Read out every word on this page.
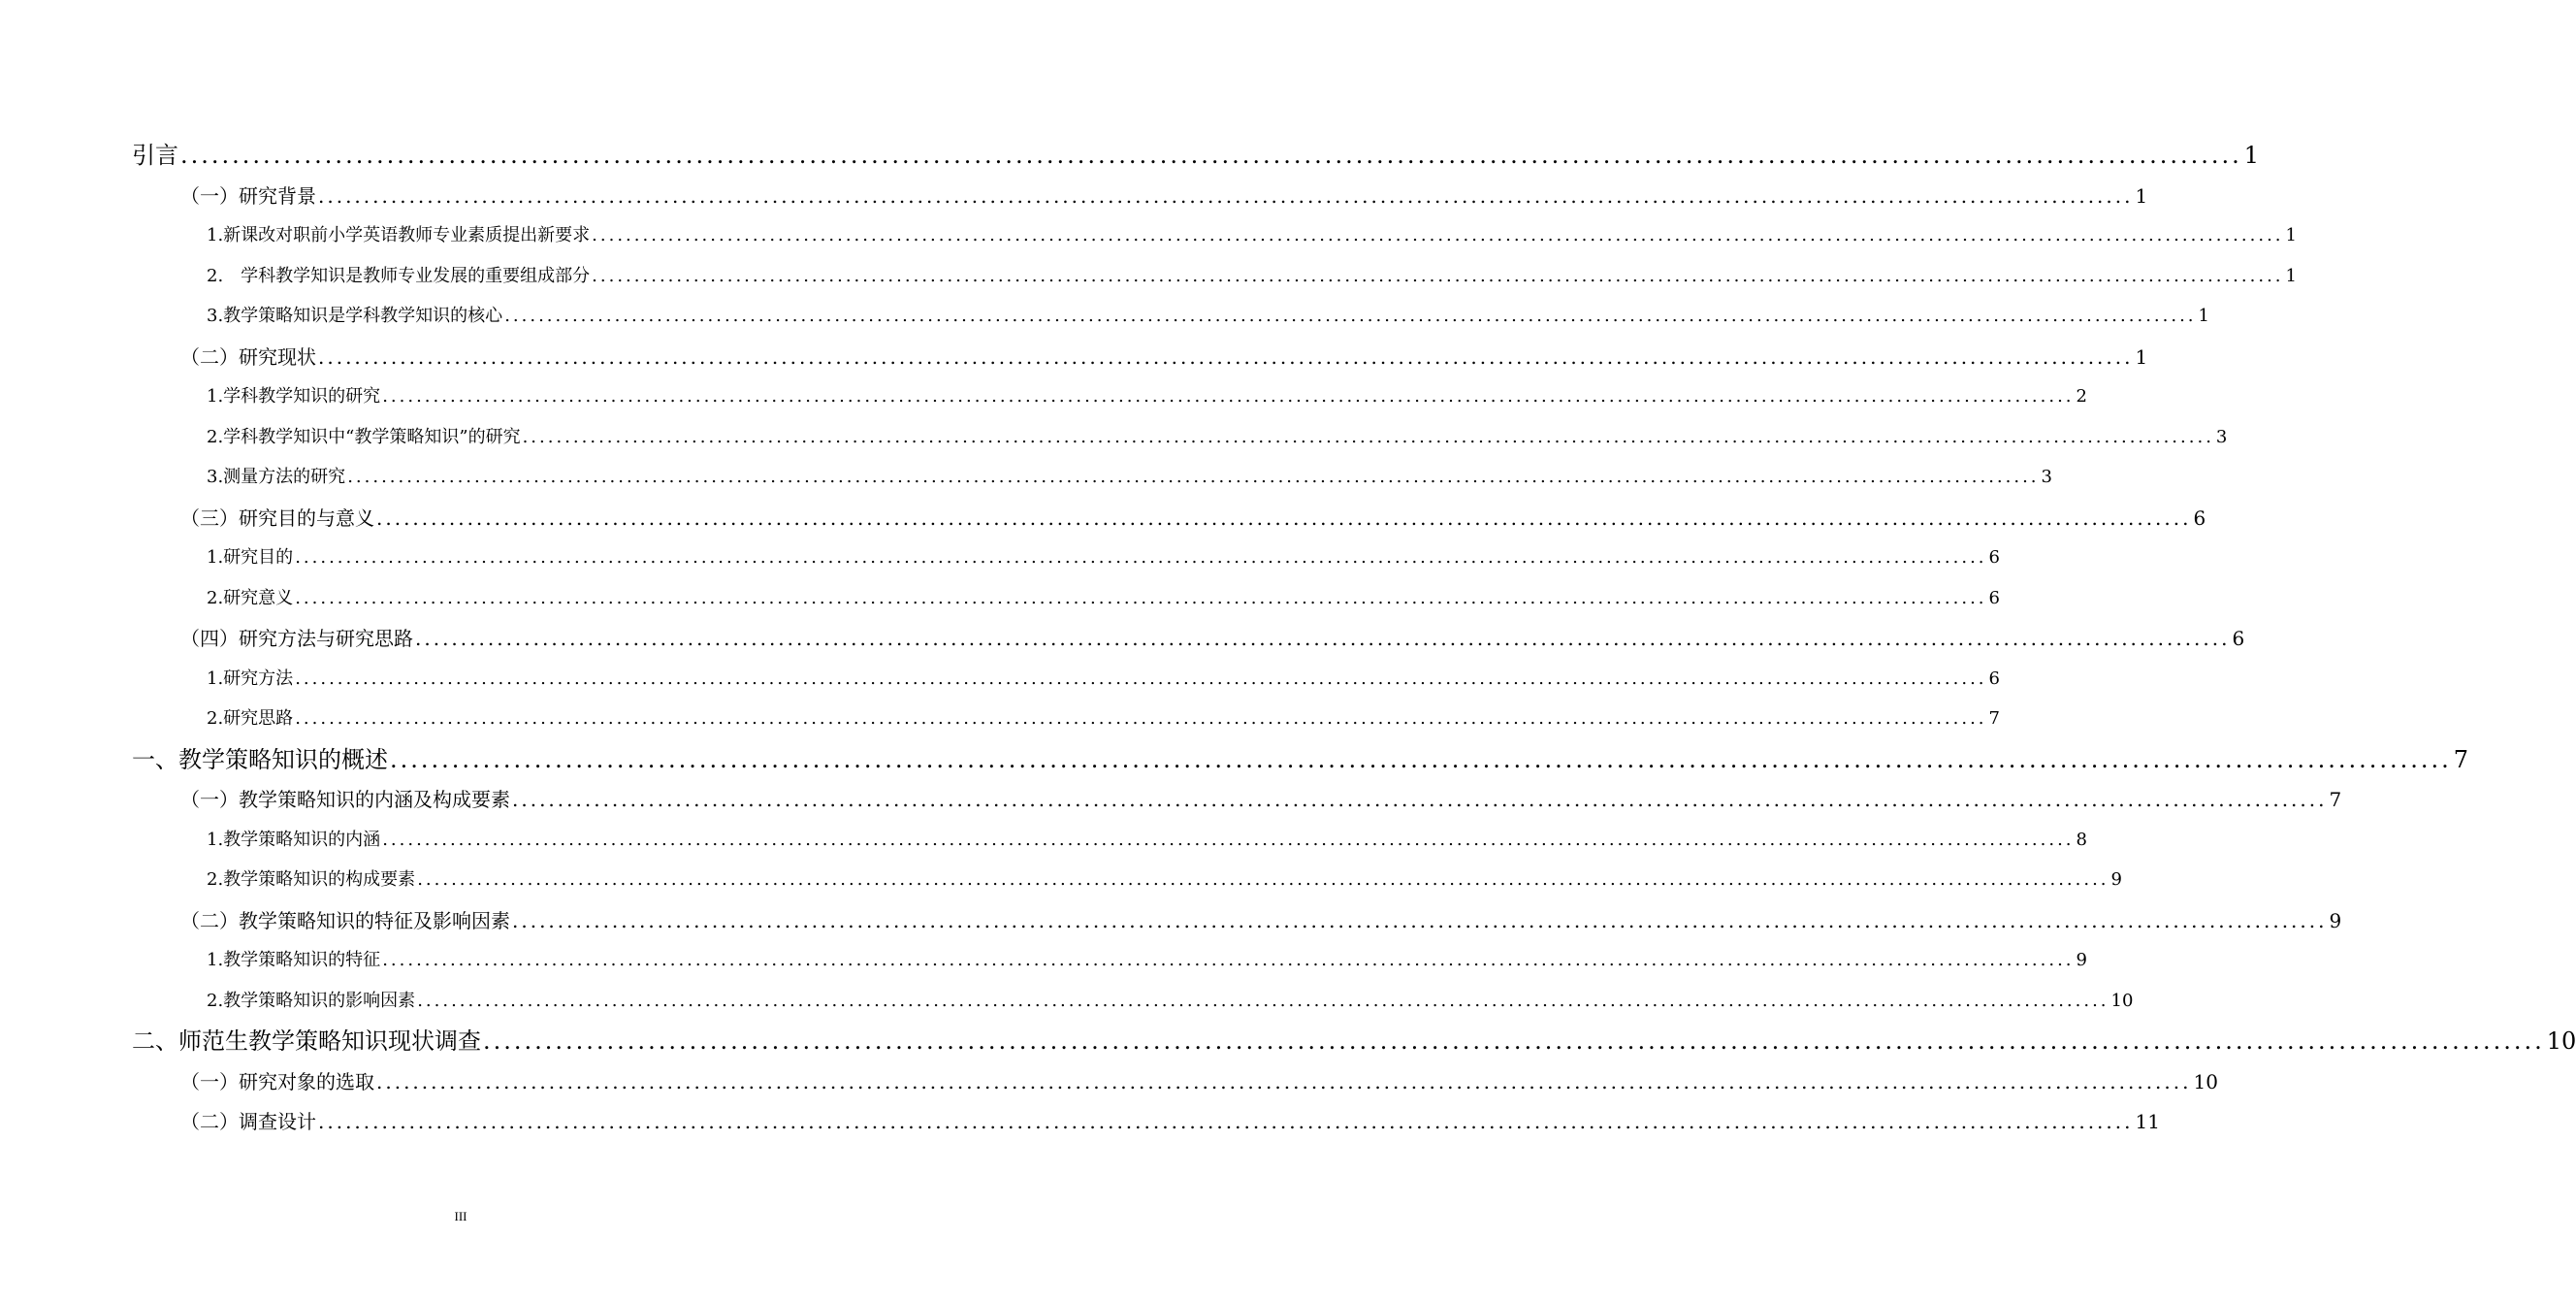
引言 ........................................................................................................................................................................................................ 1
（一）研究背景 ........................................................................................................................................................................................................ 1
1.新课改对职前小学英语教师专业素质提出新要求 ........................................................................................................................................................................................................ 1
2.　学科教学知识是教师专业发展的重要组成部分 ........................................................................................................................................................................................................ 1
3.教学策略知识是学科教学知识的核心 ........................................................................................................................................................................................................ 1
（二）研究现状 ........................................................................................................................................................................................................ 1
1.学科教学知识的研究 ........................................................................................................................................................................................................ 2
2.学科教学知识中“教学策略知识”的研究 ........................................................................................................................................................................................................ 3
3.测量方法的研究 ........................................................................................................................................................................................................ 3
（三）研究目的与意义 ........................................................................................................................................................................................................ 6
1.研究目的 ........................................................................................................................................................................................................ 6
2.研究意义 ........................................................................................................................................................................................................ 6
（四）研究方法与研究思路 ........................................................................................................................................................................................................ 6
1.研究方法 ........................................................................................................................................................................................................ 6
2.研究思路 ........................................................................................................................................................................................................ 7
一、教学策略知识的概述 ........................................................................................................................................................................................................ 7
（一）教学策略知识的内涵及构成要素 ........................................................................................................................................................................................................ 7
1.教学策略知识的内涵 ........................................................................................................................................................................................................ 8
2.教学策略知识的构成要素 ........................................................................................................................................................................................................ 9
（二）教学策略知识的特征及影响因素 ........................................................................................................................................................................................................ 9
1.教学策略知识的特征 ........................................................................................................................................................................................................ 9
2.教学策略知识的影响因素 ........................................................................................................................................................................................................ 10
二、师范生教学策略知识现状调查 ........................................................................................................................................................................................................ 10
（一）研究对象的选取 ........................................................................................................................................................................................................ 10
（二）调查设计 ........................................................................................................................................................................................................ 11
III
